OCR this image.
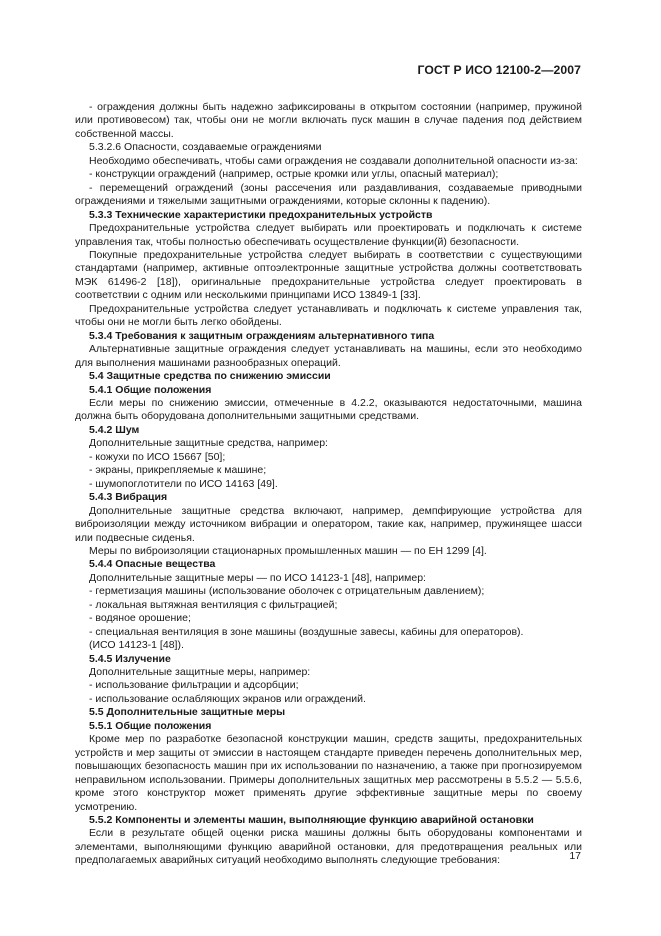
ГОСТ Р ИСО 12100-2—2007

- ограждения должны быть надежно зафиксированы в открытом состоянии (например, пружиной или противовесом) так, чтобы они не могли включать пуск машин в случае падения под действием собственной массы.

5.3.2.6 Опасности, создаваемые ограждениями

Необходимо обеспечивать, чтобы сами ограждения не создавали дополнительной опасности из-за:

- конструкции ограждений (например, острые кромки или углы, опасный материал);

- перемещений ограждений (зоны рассечения или раздавливания, создаваемые приводными ограждениями и тяжелыми защитными ограждениями, которые склонны к падению).

5.3.3 Технические характеристики предохранительных устройств

Предохранительные устройства следует выбирать или проектировать и подключать к системе управления так, чтобы полностью обеспечивать осуществление функции(й) безопасности.

Покупные предохранительные устройства следует выбирать в соответствии с существующими стандартами (например, активные оптоэлектронные защитные устройства должны соответствовать МЭК 61496-2 [18]), оригинальные предохранительные устройства следует проектировать в соответствии с одним или несколькими принципами ИСО 13849-1 [33].

Предохранительные устройства следует устанавливать и подключать к системе управления так, чтобы они не могли быть легко обойдены.

5.3.4 Требования к защитным ограждениям альтернативного типа

Альтернативные защитные ограждения следует устанавливать на машины, если это необходимо для выполнения машинами разнообразных операций.

5.4 Защитные средства по снижению эмиссии

5.4.1 Общие положения

Если меры по снижению эмиссии, отмеченные в 4.2.2, оказываются недостаточными, машина должна быть оборудована дополнительными защитными средствами.

5.4.2 Шум

Дополнительные защитные средства, например:

- кожухи по ИСО 15667 [50];

- экраны, прикрепляемые к машине;

- шумопоглотители по ИСО 14163 [49].

5.4.3 Вибрация

Дополнительные защитные средства включают, например, демпфирующие устройства для виброизоляции между источником вибрации и оператором, такие как, например, пружинящее шасси или подвесные сиденья.

Меры по виброизоляции стационарных промышленных машин — по ЕН 1299 [4].

5.4.4 Опасные вещества

Дополнительные защитные меры — по ИСО 14123-1 [48], например:

- герметизация машины (использование оболочек с отрицательным давлением);

- локальная вытяжная вентиляция с фильтрацией;

- водяное орошение;

- специальная вентиляция в зоне машины (воздушные завесы, кабины для операторов).

(ИСО 14123-1 [48]).

5.4.5 Излучение

Дополнительные защитные меры, например:

- использование фильтрации и адсорбции;

- использование ослабляющих экранов или ограждений.

5.5 Дополнительные защитные меры

5.5.1 Общие положения

Кроме мер по разработке безопасной конструкции машин, средств защиты, предохранительных устройств и мер защиты от эмиссии в настоящем стандарте приведен перечень дополнительных мер, повышающих безопасность машин при их использовании по назначению, а также при прогнозируемом неправильном использовании. Примеры дополнительных защитных мер рассмотрены в 5.5.2 — 5.5.6, кроме этого конструктор может применять другие эффективные защитные меры по своему усмотрению.

5.5.2 Компоненты и элементы машин, выполняющие функцию аварийной остановки

Если в результате общей оценки риска машины должны быть оборудованы компонентами и элементами, выполняющими функцию аварийной остановки, для предотвращения реальных или предполагаемых аварийных ситуаций необходимо выполнять следующие требования:	17
